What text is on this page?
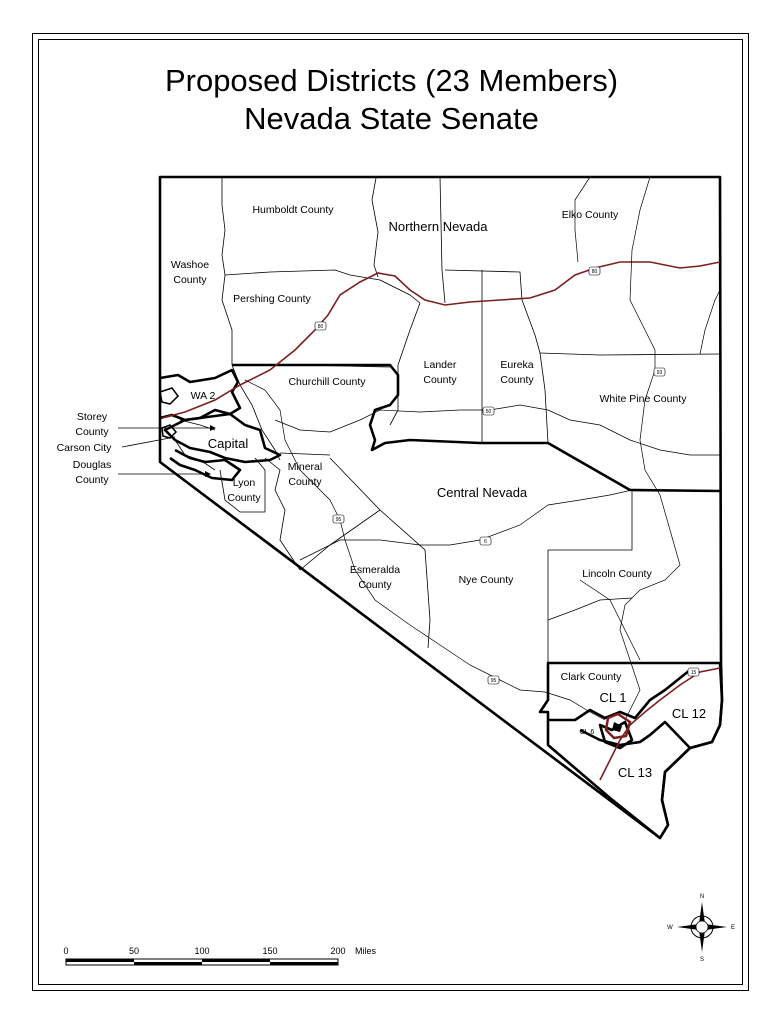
Proposed Districts (23 Members)
Nevada State Senate
80
80
50
93
95
6
95
15
Northern Nevada
Central Nevada
Capital
WA 2
CL 1
CL 12
CL 13
CL 6
Humboldt County	Elko County
Washoe
County
Pershing County
Churchill County
Lander
County
Eureka
County
White Pine County
Mineral
County
Lyon
County
Esmeralda
County	Nye County	Lincoln County
Clark County
Storey
County
Carson City
Douglas
County
0	50	100	150	200 Miles
N
S
E
W
